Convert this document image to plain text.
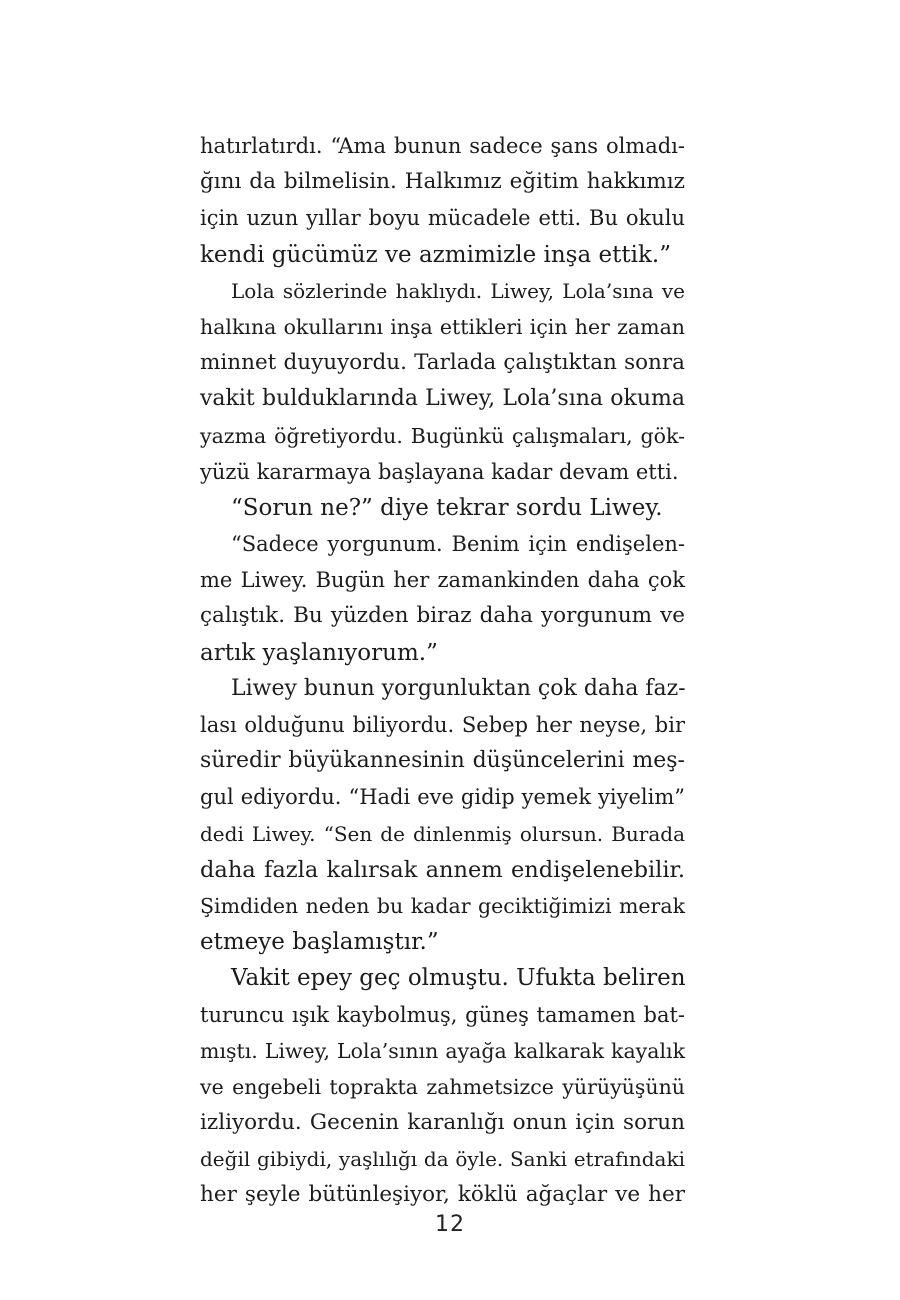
hatırlatırdı. “Ama bunun sadece şans olmadı-
ğını da bilmelisin. Halkımız eğitim hakkımız
için uzun yıllar boyu mücadele etti. Bu okulu
kendi gücümüz ve azmimizle inşa ettik.”
Lola sözlerinde haklıydı. Liwey, Lola’sına ve
halkına okullarını inşa ettikleri için her zaman
minnet duyuyordu. Tarlada çalıştıktan sonra
vakit bulduklarında Liwey, Lola’sına okuma
yazma öğretiyordu. Bugünkü çalışmaları, gök-
yüzü kararmaya başlayana kadar devam etti.
“Sorun ne?” diye tekrar sordu Liwey.
“Sadece yorgunum. Benim için endişelen-
me Liwey. Bugün her zamankinden daha çok
çalıştık. Bu yüzden biraz daha yorgunum ve
artık yaşlanıyorum.”
Liwey bunun yorgunluktan çok daha faz-
lası olduğunu biliyordu. Sebep her neyse, bir
süredir büyükannesinin düşüncelerini meş-
gul ediyordu. “Hadi eve gidip yemek yiyelim”
dedi Liwey. “Sen de dinlenmiş olursun. Burada
daha fazla kalırsak annem endişelenebilir.
Şimdiden neden bu kadar geciktiğimizi merak
etmeye başlamıştır.”
Vakit epey geç olmuştu. Ufukta beliren
turuncu ışık kaybolmuş, güneş tamamen bat-
mıştı. Liwey, Lola’sının ayağa kalkarak kayalık
ve engebeli toprakta zahmetsizce yürüyüşünü
izliyordu. Gecenin karanlığı onun için sorun
değil gibiydi, yaşlılığı da öyle. Sanki etrafındaki
her şeyle bütünleşiyor, köklü ağaçlar ve her
12
